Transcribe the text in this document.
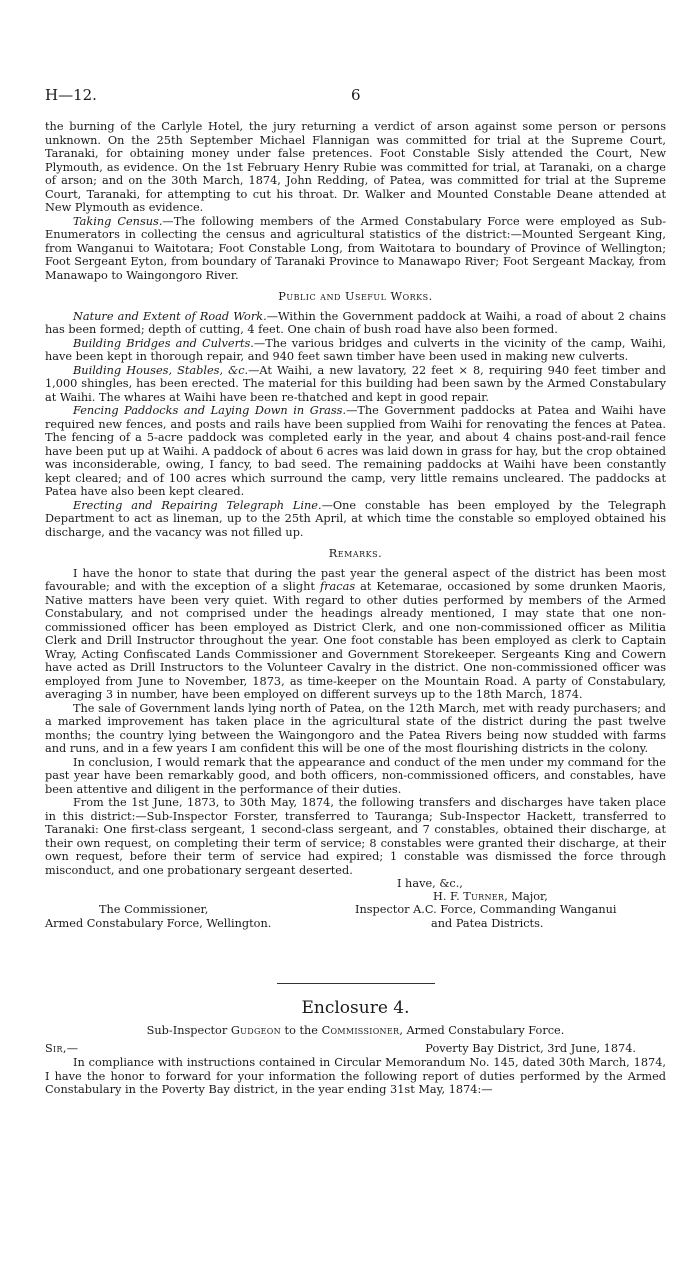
H—12.	6

the burning of the Carlyle Hotel, the jury returning a verdict of arson against some person or persons unknown. On the 25th September Michael Flannigan was committed for trial at the Supreme Court, Taranaki, for obtaining money under false pretences. Foot Constable Sisly attended the Court, New Plymouth, as evidence. On the 1st February Henry Rubie was committed for trial, at Taranaki, on a charge of arson; and on the 30th March, 1874, John Redding, of Patea, was committed for trial at the Supreme Court, Taranaki, for attempting to cut his throat. Dr. Walker and Mounted Constable Deane attended at New Plymouth as evidence.

Taking Census.—The following members of the Armed Constabulary Force were employed as Sub-Enumerators in collecting the census and agricultural statistics of the district:—Mounted Sergeant King, from Wanganui to Waitotara; Foot Constable Long, from Waitotara to boundary of Province of Wellington; Foot Sergeant Eyton, from boundary of Taranaki Province to Manawapo River; Foot Sergeant Mackay, from Manawapo to Waingongoro River.

Public and Useful Works.

Nature and Extent of Road Work.—Within the Government paddock at Waihi, a road of about 2 chains has been formed; depth of cutting, 4 feet. One chain of bush road have also been formed.

Building Bridges and Culverts.—The various bridges and culverts in the vicinity of the camp, Waihi, have been kept in thorough repair, and 940 feet sawn timber have been used in making new culverts.

Building Houses, Stables, &c.—At Waihi, a new lavatory, 22 feet × 8, requiring 940 feet timber and 1,000 shingles, has been erected. The material for this building had been sawn by the Armed Constabulary at Waihi. The whares at Waihi have been re-thatched and kept in good repair.

Fencing Paddocks and Laying Down in Grass.—The Government paddocks at Patea and Waihi have required new fences, and posts and rails have been supplied from Waihi for renovating the fences at Patea. The fencing of a 5-acre paddock was completed early in the year, and about 4 chains post-and-rail fence have been put up at Waihi. A paddock of about 6 acres was laid down in grass for hay, but the crop obtained was inconsiderable, owing, I fancy, to bad seed. The remaining paddocks at Waihi have been constantly kept cleared; and of 100 acres which surround the camp, very little remains uncleared. The paddocks at Patea have also been kept cleared.

Erecting and Repairing Telegraph Line.—One constable has been employed by the Telegraph Department to act as lineman, up to the 25th April, at which time the constable so employed obtained his discharge, and the vacancy was not filled up.

Remarks.

I have the honor to state that during the past year the general aspect of the district has been most favourable; and with the exception of a slight fracas at Ketemarae, occasioned by some drunken Maoris, Native matters have been very quiet. With regard to other duties performed by members of the Armed Constabulary, and not comprised under the headings already mentioned, I may state that one non-commissioned officer has been employed as District Clerk, and one non-commissioned officer as Militia Clerk and Drill Instructor throughout the year. One foot constable has been employed as clerk to Captain Wray, Acting Confiscated Lands Commissioner and Government Storekeeper. Sergeants King and Cowern have acted as Drill Instructors to the Volunteer Cavalry in the district. One non-commissioned officer was employed from June to November, 1873, as time-keeper on the Mountain Road. A party of Constabulary, averaging 3 in number, have been employed on different surveys up to the 18th March, 1874.

The sale of Government lands lying north of Patea, on the 12th March, met with ready purchasers; and a marked improvement has taken place in the agricultural state of the district during the past twelve months; the country lying between the Waingongoro and the Patea Rivers being now studded with farms and runs, and in a few years I am confident this will be one of the most flourishing districts in the colony.

In conclusion, I would remark that the appearance and conduct of the men under my command for the past year have been remarkably good, and both officers, non-commissioned officers, and constables, have been attentive and diligent in the performance of their duties.

From the 1st June, 1873, to 30th May, 1874, the following transfers and discharges have taken place in this district:—Sub-Inspector Forster, transferred to Tauranga; Sub-Inspector Hackett, transferred to Taranaki: One first-class sergeant, 1 second-class sergeant, and 7 constables, obtained their discharge, at their own request, on completing their term of service; 8 constables were granted their discharge, at their own request, before their term of service had expired; 1 constable was dismissed the force through misconduct, and one probationary sergeant deserted.

I have, &c.,
H. F. Turner, Major,
Inspector A.C. Force, Commanding Wanganui
and Patea Districts.
The Commissioner,
Armed Constabulary Force, Wellington.
Enclosure 4.
Sub-Inspector Gudgeon to the Commissioner, Armed Constabulary Force.
Sir,—	Poverty Bay District, 3rd June, 1874.

In compliance with instructions contained in Circular Memorandum No. 145, dated 30th March, 1874, I have the honor to forward for your information the following report of duties performed by the Armed Constabulary in the Poverty Bay district, in the year ending 31st May, 1874:—
